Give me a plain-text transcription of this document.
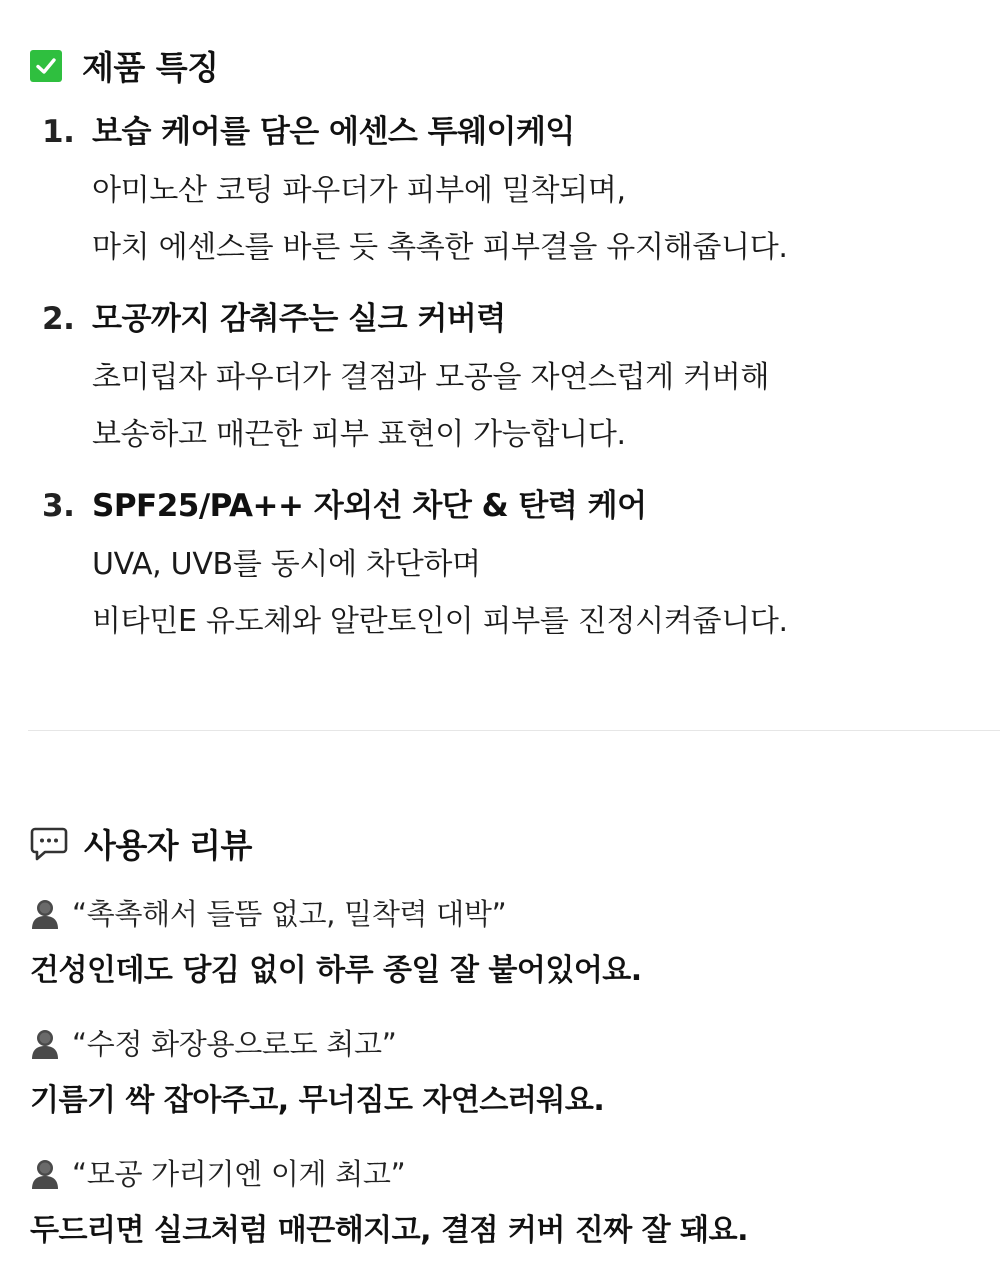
제품 특징
1. 보습 케어를 담은 에센스 투웨이케익
아미노산 코팅 파우더가 피부에 밀착되며,
마치 에센스를 바른 듯 촉촉한 피부결을 유지해줍니다.
2. 모공까지 감춰주는 실크 커버력
초미립자 파우더가 결점과 모공을 자연스럽게 커버해
보송하고 매끈한 피부 표현이 가능합니다.
3. SPF25/PA++ 자외선 차단 & 탄력 케어
UVA, UVB를 동시에 차단하며
비타민E 유도체와 알란토인이 피부를 진정시켜줍니다.
사용자 리뷰
“촉촉해서 들뜸 없고, 밀착력 대박”
건성인데도 당김 없이 하루 종일 잘 붙어있어요.
“수정 화장용으로도 최고”
기름기 싹 잡아주고, 무너짐도 자연스러워요.
“모공 가리기엔 이게 최고”
두드리면 실크처럼 매끈해지고, 결점 커버 진짜 잘 돼요.
